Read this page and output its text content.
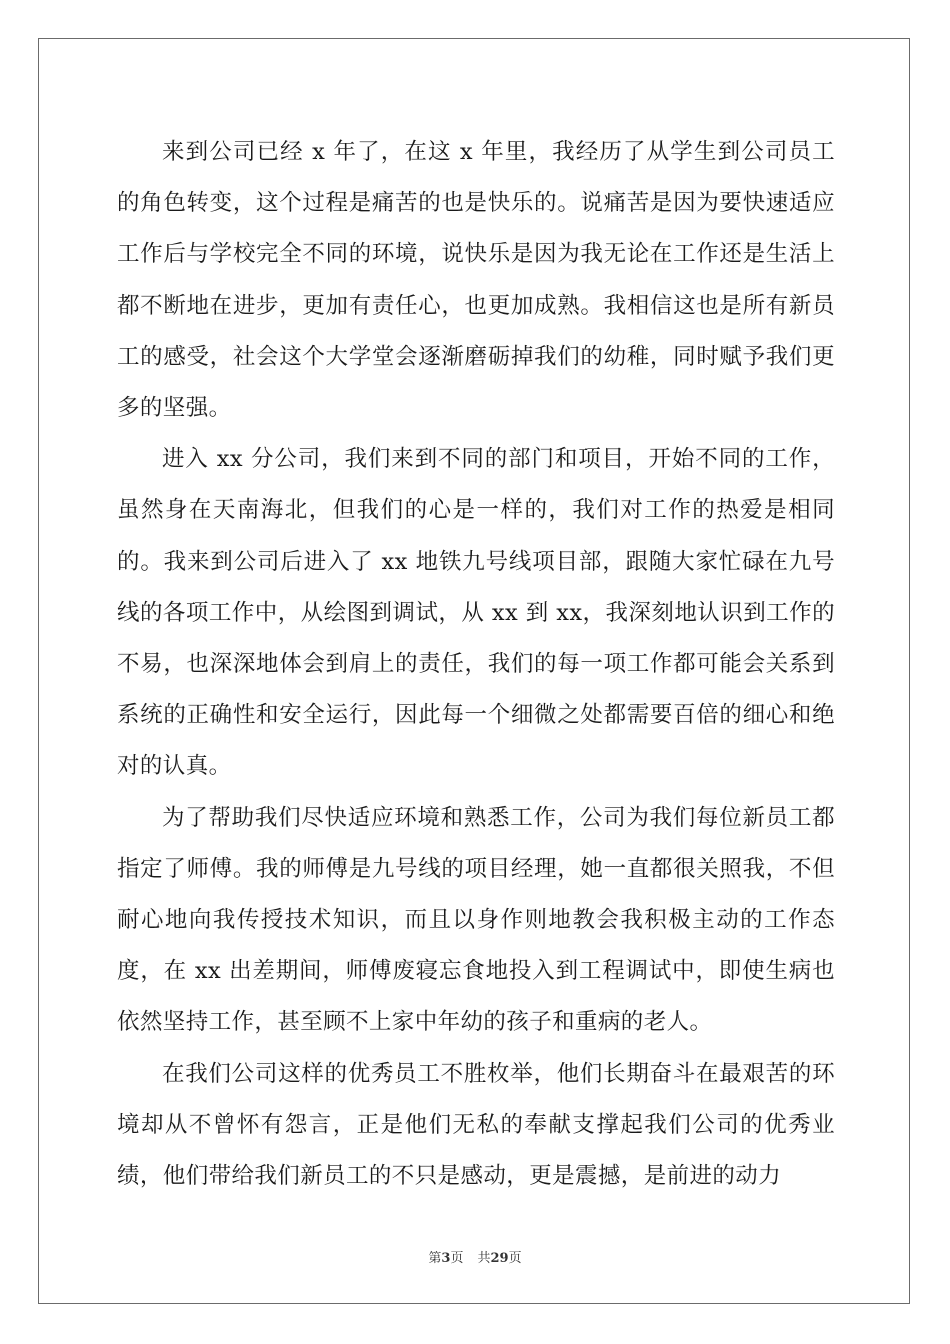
来到公司已经 x 年了，在这 x 年里，我经历了从学生到公司员工的角色转变，这个过程是痛苦的也是快乐的。说痛苦是因为要快速适应工作后与学校完全不同的环境，说快乐是因为我无论在工作还是生活上都不断地在进步，更加有责任心，也更加成熟。我相信这也是所有新员工的感受，社会这个大学堂会逐渐磨砺掉我们的幼稚，同时赋予我们更多的坚强。

进入 xx 分公司，我们来到不同的部门和项目，开始不同的工作，虽然身在天南海北，但我们的心是一样的，我们对工作的热爱是相同的。我来到公司后进入了 xx 地铁九号线项目部，跟随大家忙碌在九号线的各项工作中，从绘图到调试，从 xx 到 xx，我深刻地认识到工作的不易，也深深地体会到肩上的责任，我们的每一项工作都可能会关系到系统的正确性和安全运行，因此每一个细微之处都需要百倍的细心和绝对的认真。

为了帮助我们尽快适应环境和熟悉工作，公司为我们每位新员工都指定了师傅。我的师傅是九号线的项目经理，她一直都很关照我，不但耐心地向我传授技术知识，而且以身作则地教会我积极主动的工作态度，在 xx 出差期间，师傅废寝忘食地投入到工程调试中，即使生病也依然坚持工作，甚至顾不上家中年幼的孩子和重病的老人。

在我们公司这样的优秀员工不胜枚举，他们长期奋斗在最艰苦的环境却从不曾怀有怨言，正是他们无私的奉献支撑起我们公司的优秀业绩，他们带给我们新员工的不只是感动，更是震撼，是前进的动力

第3页 共29页
